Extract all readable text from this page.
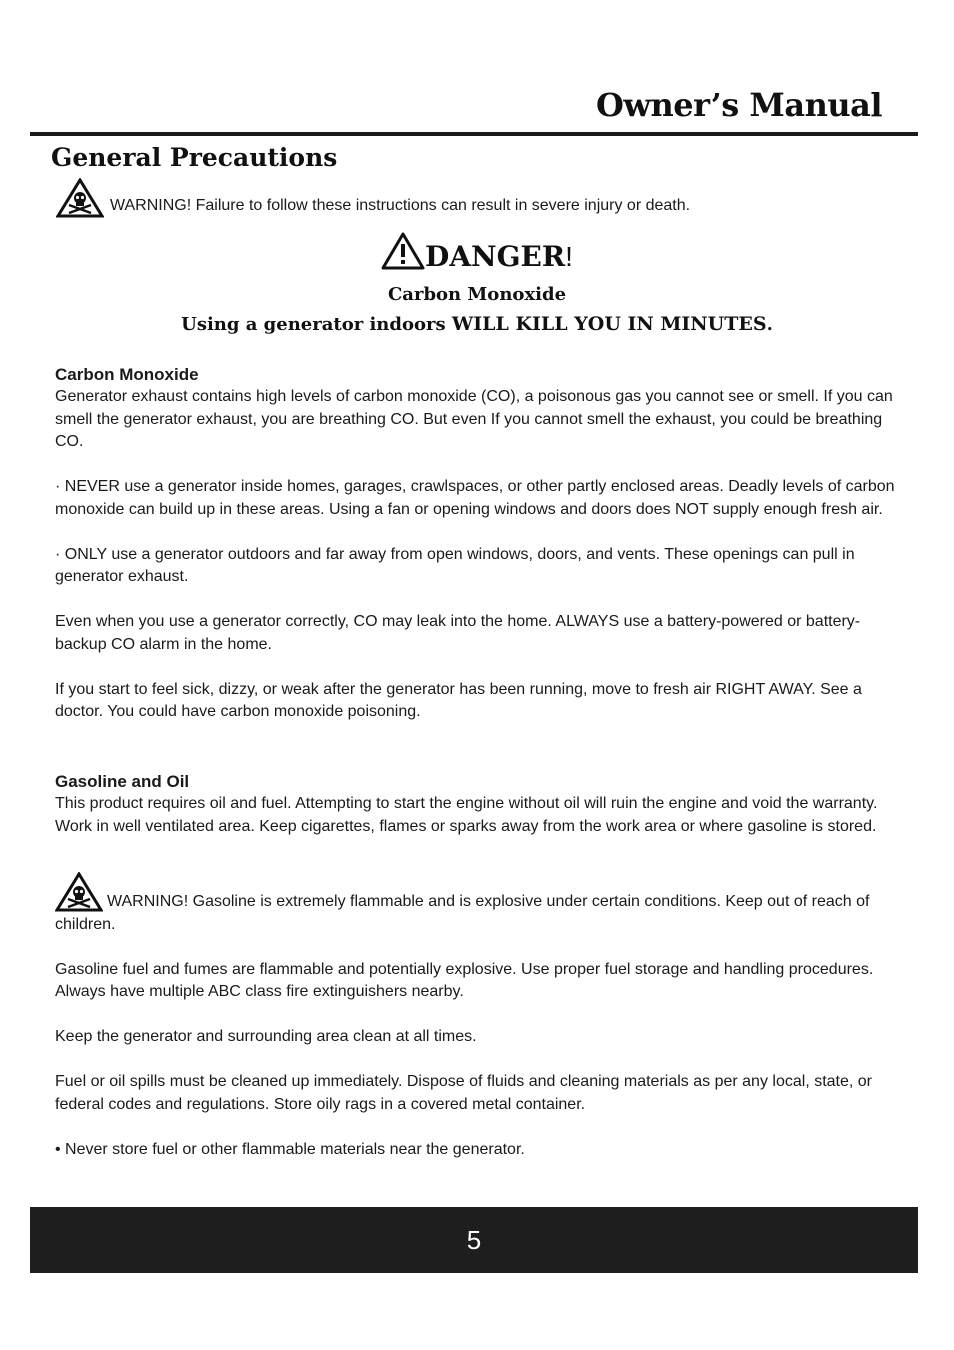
Owner’s Manual
General Precautions
WARNING! Failure to follow these instructions can result in severe injury or death.
DANGER!
Carbon Monoxide
Using a generator indoors WILL KILL YOU IN MINUTES.
Carbon Monoxide

Generator exhaust contains high levels of carbon monoxide (CO), a poisonous gas you cannot see or smell. If you can smell the generator exhaust, you are breathing CO. But even If you cannot smell the exhaust, you could be breathing CO.

· NEVER use a generator inside homes, garages, crawlspaces, or other partly enclosed areas. Deadly levels of carbon monoxide can build up in these areas. Using a fan or opening windows and doors does NOT supply enough fresh air.

· ONLY use a generator outdoors and far away from open windows, doors, and vents. These openings can pull in generator exhaust.

Even when you use a generator correctly, CO may leak into the home. ALWAYS use a battery-powered or battery-backup CO alarm in the home.

If you start to feel sick, dizzy, or weak after the generator has been running, move to fresh air RIGHT AWAY. See a doctor. You could have carbon monoxide poisoning.

Gasoline and Oil

This product requires oil and fuel. Attempting to start the engine without oil will ruin the engine and void the warranty. Work in well ventilated area. Keep cigarettes, flames or sparks away from the work area or where gasoline is stored.

WARNING! Gasoline is extremely flammable and is explosive under certain conditions. Keep out of reach of children.

Gasoline fuel and fumes are flammable and potentially explosive. Use proper fuel storage and handling procedures. Always have multiple ABC class fire extinguishers nearby.

Keep the generator and surrounding area clean at all times.

Fuel or oil spills must be cleaned up immediately. Dispose of fluids and cleaning materials as per any local, state, or federal codes and regulations. Store oily rags in a covered metal container.

• Never store fuel or other flammable materials near the generator.

5
